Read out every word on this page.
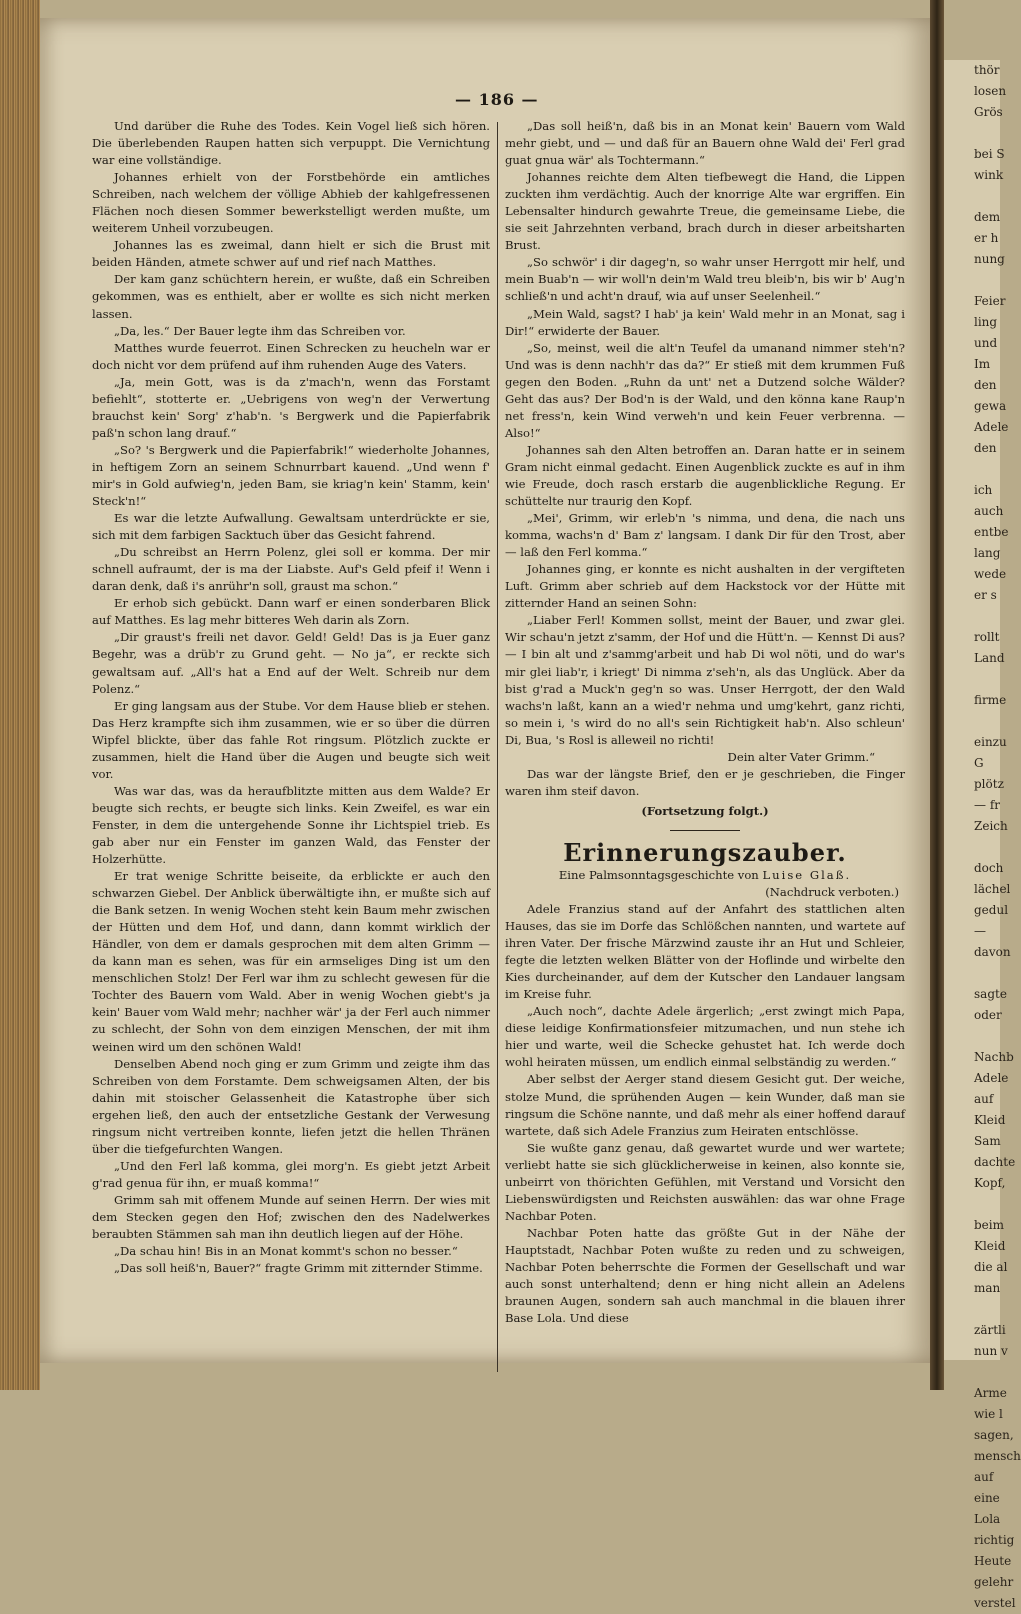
— 186 —

Und darüber die Ruhe des Todes. Kein Vogel ließ sich hören. Die überlebenden Raupen hatten sich verpuppt. Die Vernichtung war eine vollständige.

Johannes erhielt von der Forstbehörde ein amtliches Schreiben, nach welchem der völlige Abhieb der kahlgefressenen Flächen noch diesen Sommer bewerkstelligt werden mußte, um weiterem Unheil vorzubeugen.

Johannes las es zweimal, dann hielt er sich die Brust mit beiden Händen, atmete schwer auf und rief nach Matthes.

Der kam ganz schüchtern herein, er wußte, daß ein Schreiben gekommen, was es enthielt, aber er wollte es sich nicht merken lassen.

„Da, les.“ Der Bauer legte ihm das Schreiben vor.

Matthes wurde feuerrot. Einen Schrecken zu heucheln war er doch nicht vor dem prüfend auf ihm ruhenden Auge des Vaters.

„Ja, mein Gott, was is da z'mach'n, wenn das Forstamt befiehlt“, stotterte er. „Uebrigens von weg'n der Verwertung brauchst kein' Sorg' z'hab'n. 's Bergwerk und die Papierfabrik paß'n schon lang drauf.“

„So? 's Bergwerk und die Papierfabrik!“ wiederholte Johannes, in heftigem Zorn an seinem Schnurrbart kauend. „Und wenn f' mir's in Gold aufwieg'n, jeden Bam, sie kriag'n kein' Stamm, kein' Steck'n!“

Es war die letzte Aufwallung. Gewaltsam unterdrückte er sie, sich mit dem farbigen Sacktuch über das Gesicht fahrend.

„Du schreibst an Herrn Polenz, glei soll er komma. Der mir schnell aufraumt, der is ma der Liabste. Auf's Geld pfeif i! Wenn i daran denk, daß i's anrühr'n soll, graust ma schon.“

Er erhob sich gebückt. Dann warf er einen sonderbaren Blick auf Matthes. Es lag mehr bitteres Weh darin als Zorn.

„Dir graust's freili net davor. Geld! Geld! Das is ja Euer ganz Begehr, was a drüb'r zu Grund geht. — No ja“, er reckte sich gewaltsam auf. „All's hat a End auf der Welt. Schreib nur dem Polenz.“

Er ging langsam aus der Stube. Vor dem Hause blieb er stehen. Das Herz krampfte sich ihm zusammen, wie er so über die dürren Wipfel blickte, über das fahle Rot ringsum. Plötzlich zuckte er zusammen, hielt die Hand über die Augen und beugte sich weit vor.

Was war das, was da heraufblitzte mitten aus dem Walde? Er beugte sich rechts, er beugte sich links. Kein Zweifel, es war ein Fenster, in dem die untergehende Sonne ihr Lichtspiel trieb. Es gab aber nur ein Fenster im ganzen Wald, das Fenster der Holzerhütte.

Er trat wenige Schritte beiseite, da erblickte er auch den schwarzen Giebel. Der Anblick überwältigte ihn, er mußte sich auf die Bank setzen. In wenig Wochen steht kein Baum mehr zwischen der Hütten und dem Hof, und dann, dann kommt wirklich der Händler, von dem er damals gesprochen mit dem alten Grimm — da kann man es sehen, was für ein armseliges Ding ist um den menschlichen Stolz! Der Ferl war ihm zu schlecht gewesen für die Tochter des Bauern vom Wald. Aber in wenig Wochen giebt's ja kein' Bauer vom Wald mehr; nachher wär' ja der Ferl auch nimmer zu schlecht, der Sohn von dem einzigen Menschen, der mit ihm weinen wird um den schönen Wald!

Denselben Abend noch ging er zum Grimm und zeigte ihm das Schreiben von dem Forstamte. Dem schweigsamen Alten, der bis dahin mit stoischer Gelassenheit die Katastrophe über sich ergehen ließ, den auch der entsetzliche Gestank der Verwesung ringsum nicht vertreiben konnte, liefen jetzt die hellen Thränen über die tiefgefurchten Wangen.

„Und den Ferl laß komma, glei morg'n. Es giebt jetzt Arbeit g'rad genua für ihn, er muaß komma!“

Grimm sah mit offenem Munde auf seinen Herrn. Der wies mit dem Stecken gegen den Hof; zwischen den des Nadelwerkes beraubten Stämmen sah man ihn deutlich liegen auf der Höhe.

„Da schau hin! Bis in an Monat kommt's schon no besser.“

„Das soll heiß'n, Bauer?“ fragte Grimm mit zitternder Stimme.

„Das soll heiß'n, daß bis in an Monat kein' Bauern vom Wald mehr giebt, und — und daß für an Bauern ohne Wald dei' Ferl grad guat gnua wär' als Tochtermann.“

Johannes reichte dem Alten tiefbewegt die Hand, die Lippen zuckten ihm verdächtig. Auch der knorrige Alte war ergriffen. Ein Lebensalter hindurch gewahrte Treue, die gemeinsame Liebe, die sie seit Jahrzehnten verband, brach durch in dieser arbeitsharten Brust.

„So schwör' i dir dageg'n, so wahr unser Herrgott mir helf, und mein Buab'n — wir woll'n dein'm Wald treu bleib'n, bis wir b' Aug'n schließ'n und acht'n drauf, wia auf unser Seelenheil.“

„Mein Wald, sagst? I hab' ja kein' Wald mehr in an Monat, sag i Dir!“ erwiderte der Bauer.

„So, meinst, weil die alt'n Teufel da umanand nimmer steh'n? Und was is denn nachh'r das da?“ Er stieß mit dem krummen Fuß gegen den Boden. „Ruhn da unt' net a Dutzend solche Wälder? Geht das aus? Der Bod'n is der Wald, und den könna kane Raup'n net fress'n, kein Wind verweh'n und kein Feuer verbrenna. — Also!“

Johannes sah den Alten betroffen an. Daran hatte er in seinem Gram nicht einmal gedacht. Einen Augenblick zuckte es auf in ihm wie Freude, doch rasch erstarb die augenblickliche Regung. Er schüttelte nur traurig den Kopf.

„Mei', Grimm, wir erleb'n 's nimma, und dena, die nach uns komma, wachs'n d' Bam z' langsam. I dank Dir für den Trost, aber — laß den Ferl komma.“

Johannes ging, er konnte es nicht aushalten in der vergifteten Luft. Grimm aber schrieb auf dem Hackstock vor der Hütte mit zitternder Hand an seinen Sohn:

„Liaber Ferl! Kommen sollst, meint der Bauer, und zwar glei. Wir schau'n jetzt z'samm, der Hof und die Hütt'n. — Kennst Di aus? — I bin alt und z'sammg'arbeit und hab Di wol nöti, und do war's mir glei liab'r, i kriegt' Di nimma z'seh'n, als das Unglück. Aber da bist g'rad a Muck'n geg'n so was. Unser Herrgott, der den Wald wachs'n laßt, kann an a wied'r nehma und umg'kehrt, ganz richti, so mein i, 's wird do no all's sein Richtigkeit hab'n. Also schleun' Di, Bua, 's Rosl is alleweil no richti!

Dein alter Vater Grimm.“

Das war der längste Brief, den er je geschrieben, die Finger waren ihm steif davon.

(Fortsetzung folgt.)

Erinnerungszauber.

Eine Palmsonntagsgeschichte von Luise Glaß.

(Nachdruck verboten.)

Adele Franzius stand auf der Anfahrt des stattlichen alten Hauses, das sie im Dorfe das Schlößchen nannten, und wartete auf ihren Vater. Der frische Märzwind zauste ihr an Hut und Schleier, fegte die letzten welken Blätter von der Hoflinde und wirbelte den Kies durcheinander, auf dem der Kutscher den Landauer langsam im Kreise fuhr.

„Auch noch“, dachte Adele ärgerlich; „erst zwingt mich Papa, diese leidige Konfirmationsfeier mitzumachen, und nun stehe ich hier und warte, weil die Schecke gehustet hat. Ich werde doch wohl heiraten müssen, um endlich einmal selbständig zu werden.“

Aber selbst der Aerger stand diesem Gesicht gut. Der weiche, stolze Mund, die sprühenden Augen — kein Wunder, daß man sie ringsum die Schöne nannte, und daß mehr als einer hoffend darauf wartete, daß sich Adele Franzius zum Heiraten entschlösse.

Sie wußte ganz genau, daß gewartet wurde und wer wartete; verliebt hatte sie sich glücklicherweise in keinen, also konnte sie, unbeirrt von thörichten Gefühlen, mit Verstand und Vorsicht den Liebenswürdigsten und Reichsten auswählen: das war ohne Frage Nachbar Poten.

Nachbar Poten hatte das größte Gut in der Nähe der Hauptstadt, Nachbar Poten wußte zu reden und zu schweigen, Nachbar Poten beherrschte die Formen der Gesellschaft und war auch sonst unterhaltend; denn er hing nicht allein an Adelens braunen Augen, sondern sah auch manchmal in die blauen ihrer Base Lola. Und diese

thör
losen
Grös
bei S
wink
dem
er h
nung
Feier
ling
und
Im
den
gewa
Adele
den
ich
auch
entbe
lang
wede
er s
rollt
Land
firme
einzu
G
plötz
— fr
Zeich
doch
lächel
gedul
—
davon
sagte
oder
Nachb
Adele
auf
Kleid
Sam
dachte
Kopf,
beim
Kleid
die al
man
zärtli
nun v
Arme
wie l
sagen,
mensch
auf
eine
Lola
richtig
Heute
gelehr
verstel
